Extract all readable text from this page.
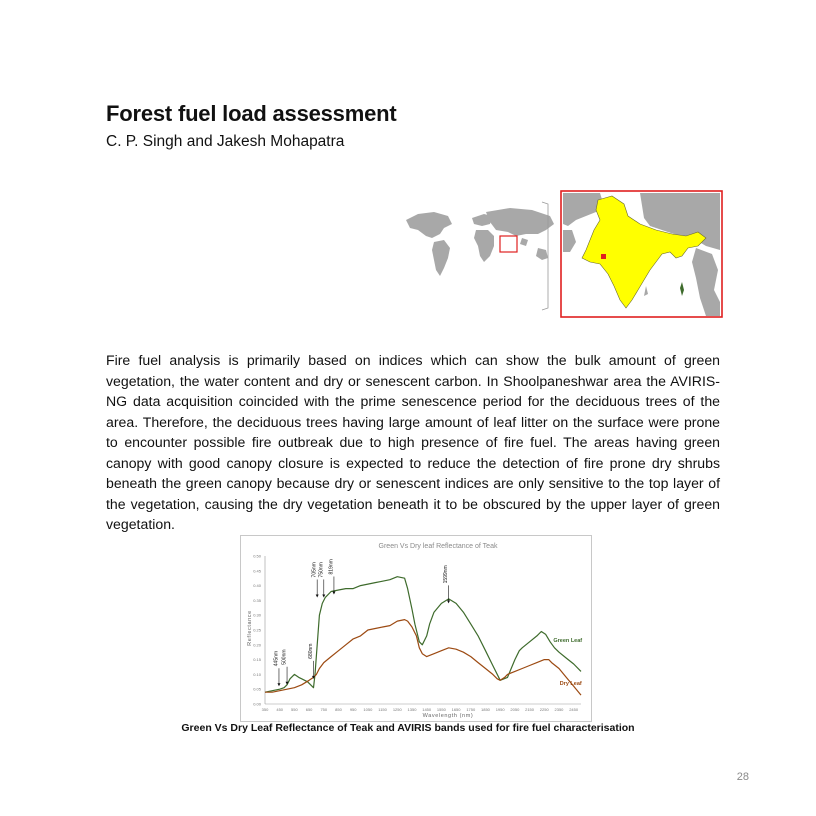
Forest fuel load assessment
C. P. Singh and Jakesh Mohapatra
Fire fuel analysis is primarily based on indices which can show the bulk amount of green vegetation, the water content and dry or senescent carbon. In Shoolpaneshwar area the AVIRIS-NG data acquisition coincided with the prime senescence period for the deciduous trees of the area. Therefore, the deciduous trees having large amount of leaf litter on the surface were prone to encounter possible fire outbreak due to high presence of fire fuel. The areas having green canopy with good canopy closure is expected to reduce the detection of fire prone dry shrubs beneath the green canopy because dry or senescent indices are only sensitive to the top layer of the vegetation, causing the dry vegetation beneath it to be obscured by the upper layer of green vegetation.
Green Vs Dry leaf Reflectance of Teak
Reflectance
Wavelength (nm)
0.00
0.05
0.10
0.15
0.20
0.25
0.30
0.35
0.40
0.45
0.50
350 450 550 650 750 850 950 1050 1150 1250 1350 1450 1550 1650 1750 1850 1950 2050 2150 2250 2350 2450
445nm 500nm	680nm
705nm 750nm 819nm	1599nm
Green Leaf
Dry Leaf
Green Vs Dry Leaf Reflectance of Teak and AVIRIS bands used for fire fuel characterisation
28
